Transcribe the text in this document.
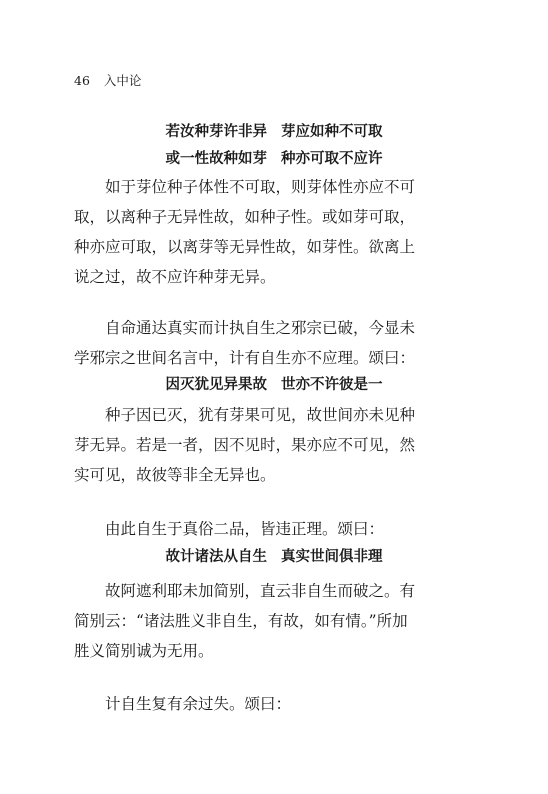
46 入中论
若汝种芽许非异 芽应如种不可取
或一性故种如芽 种亦可取不应许
如于芽位种子体性不可取，则芽体性亦应不可
取，以离种子无异性故，如种子性。或如芽可取，
种亦应可取，以离芽等无异性故，如芽性。欲离上
说之过，故不应许种芽无异。
自命通达真实而计执自生之邪宗已破，今显未
学邪宗之世间名言中，计有自生亦不应理。颂曰：
因灭犹见异果故 世亦不许彼是一
种子因已灭，犹有芽果可见，故世间亦未见种
芽无异。若是一者，因不见时，果亦应不可见，然
实可见，故彼等非全无异也。
由此自生于真俗二品，皆违正理。颂曰：
故计诸法从自生 真实世间俱非理
故阿遮利耶未加简别，直云非自生而破之。有
简别云：“诸法胜义非自生，有故，如有情。”所加
胜义简别诚为无用。
计自生复有余过失。颂曰：
